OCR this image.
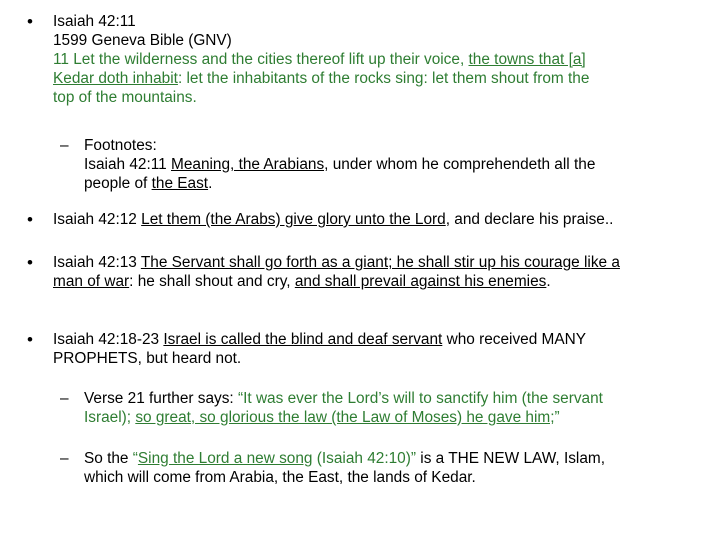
• Isaiah 42:11
1599 Geneva Bible (GNV)
11 Let the wilderness and the cities thereof lift up their voice, the towns that [a]
Kedar doth inhabit: let the inhabitants of the rocks sing: let them shout from the
top of the mountains.
– Footnotes:
Isaiah 42:11 Meaning, the Arabians, under whom he comprehendeth all the
people of the East.
• Isaiah 42:12 Let them (the Arabs) give glory unto the Lord, and declare his praise..
• Isaiah 42:13 The Servant shall go forth as a giant; he shall stir up his courage like a
man of war: he shall shout and cry, and shall prevail against his enemies.
• Isaiah 42:18-23 Israel is called the blind and deaf servant who received MANY
PROPHETS, but heard not.
– Verse 21 further says: “It was ever the Lord’s will to sanctify him (the servant
Israel); so great, so glorious the law (the Law of Moses) he gave him;”
– So the “Sing the Lord a new song (Isaiah 42:10)” is a THE NEW LAW, Islam,
which will come from Arabia, the East, the lands of Kedar.
